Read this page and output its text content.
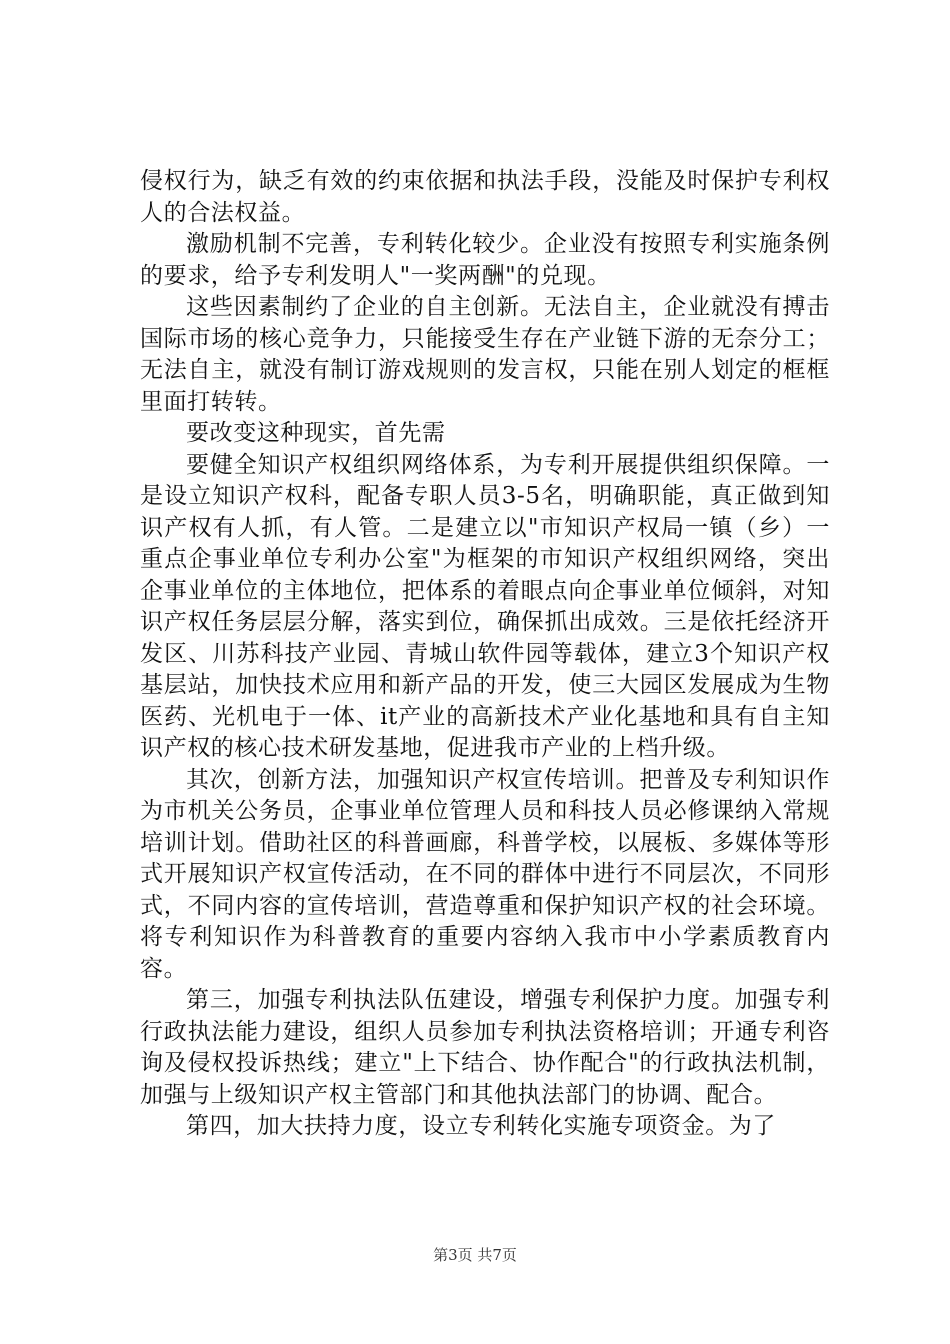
侵权行为，缺乏有效的约束依据和执法手段，没能及时保护专利权人的合法权益。

激励机制不完善，专利转化较少。企业没有按照专利实施条例的要求，给予专利发明人"一奖两酬"的兑现。

这些因素制约了企业的自主创新。无法自主，企业就没有搏击国际市场的核心竞争力，只能接受生存在产业链下游的无奈分工；无法自主，就没有制订游戏规则的发言权，只能在别人划定的框框里面打转转。

要改变这种现实，首先需

要健全知识产权组织网络体系，为专利开展提供组织保障。一是设立知识产权科，配备专职人员3-5名，明确职能，真正做到知识产权有人抓，有人管。二是建立以"市知识产权局一镇（乡）一重点企事业单位专利办公室"为框架的市知识产权组织网络，突出企事业单位的主体地位，把体系的着眼点向企事业单位倾斜，对知识产权任务层层分解，落实到位，确保抓出成效。三是依托经济开发区、川苏科技产业园、青城山软件园等载体，建立3个知识产权基层站，加快技术应用和新产品的开发，使三大园区发展成为生物医药、光机电于一体、it产业的高新技术产业化基地和具有自主知识产权的核心技术研发基地，促进我市产业的上档升级。

其次，创新方法，加强知识产权宣传培训。把普及专利知识作为市机关公务员，企事业单位管理人员和科技人员必修课纳入常规培训计划。借助社区的科普画廊，科普学校，以展板、多媒体等形式开展知识产权宣传活动，在不同的群体中进行不同层次，不同形式，不同内容的宣传培训，营造尊重和保护知识产权的社会环境。将专利知识作为科普教育的重要内容纳入我市中小学素质教育内容。

第三，加强专利执法队伍建设，增强专利保护力度。加强专利行政执法能力建设，组织人员参加专利执法资格培训；开通专利咨询及侵权投诉热线；建立"上下结合、协作配合"的行政执法机制，加强与上级知识产权主管部门和其他执法部门的协调、配合。

第四，加大扶持力度，设立专利转化实施专项资金。为了

第3页 共7页
